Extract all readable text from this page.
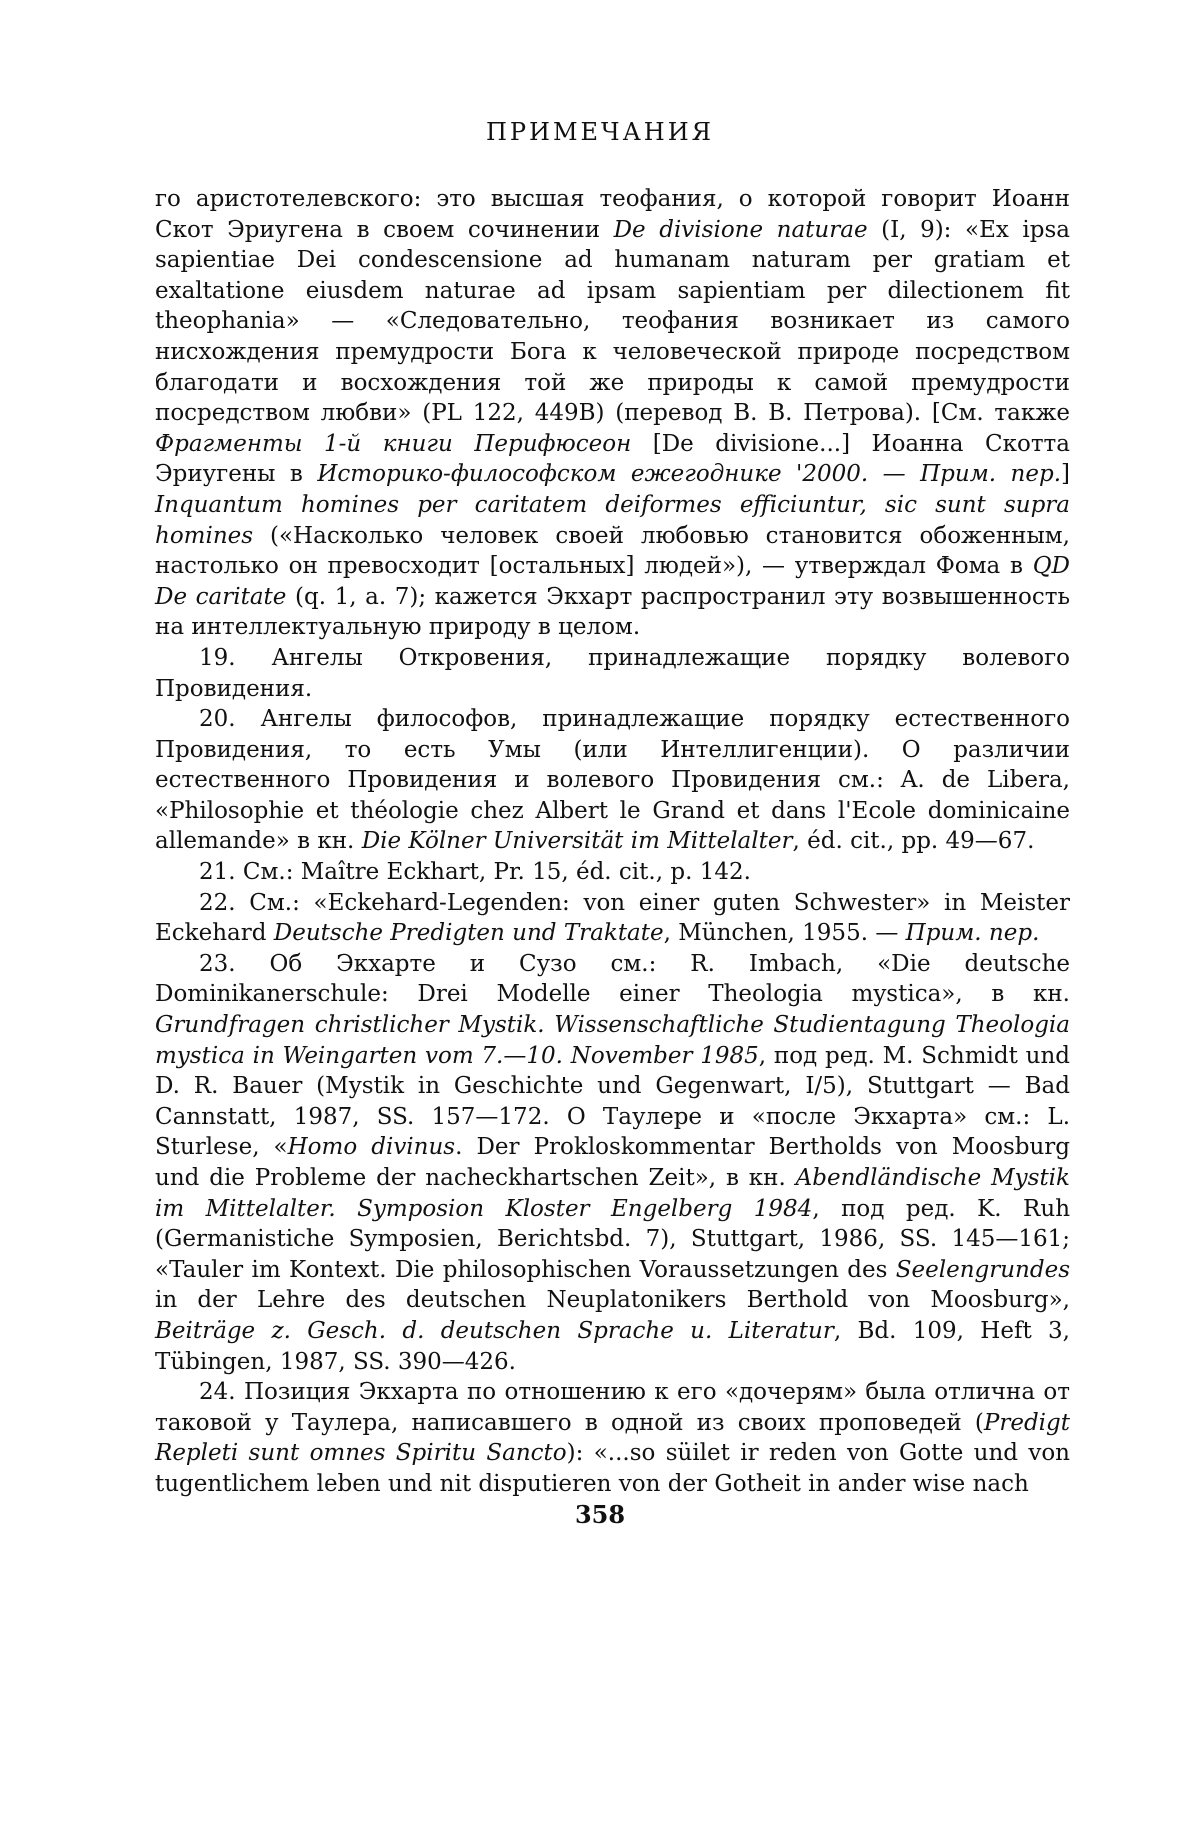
ПРИМЕЧАНИЯ

го аристотелевского: это высшая теофания, о которой говорит Иоанн Скот Эриугена в своем сочинении De divisione naturae (I, 9): «Ex ipsa sapientiae Dei condescensione ad humanam naturam per gratiam et exaltatione eiusdem naturae ad ipsam sapientiam per dilectionem fit theophania» — «Следовательно, теофания возникает из самого нисхождения премудрости Бога к человеческой природе посредством благодати и восхождения той же природы к самой премудрости посредством любви» (PL 122, 449B) (перевод В. В. Петрова). [См. также Фрагменты 1-й книги Перифюсеон [De divisione...] Иоанна Скотта Эриугены в Историко-философском ежегоднике '2000. — Прим. пер.] Inquantum homines per caritatem deiformes efficiuntur, sic sunt supra homines («Насколько человек своей любовью становится обоженным, настолько он превосходит [остальных] людей»), — утверждал Фома в QD De caritate (q. 1, a. 7); кажется Экхарт распространил эту возвышенность на интеллектуальную природу в целом.

19. Ангелы Откровения, принадлежащие порядку волевого Провидения.

20. Ангелы философов, принадлежащие порядку естественного Провидения, то есть Умы (или Интеллигенции). О различии естественного Провидения и волевого Провидения см.: A. de Libera, «Philosophie et théologie chez Albert le Grand et dans l'Ecole dominicaine allemande» в кн. Die Kölner Universität im Mittelalter, éd. cit., pp. 49—67.

21. См.: Maître Eckhart, Pr. 15, éd. cit., p. 142.

22. См.: «Eckehard-Legenden: von einer guten Schwester» in Meister Eckehard Deutsche Predigten und Traktate, München, 1955. — Прим. пер.

23. Об Экхарте и Сузо см.: R. Imbach, «Die deutsche Dominikanerschule: Drei Modelle einer Theologia mystica», в кн. Grundfragen christlicher Mystik. Wissenschaftliche Studientagung Theologia mystica in Weingarten vom 7.—10. November 1985, под ред. M. Schmidt und D. R. Bauer (Mystik in Geschichte und Gegenwart, I/5), Stuttgart — Bad Cannstatt, 1987, SS. 157—172. О Таулере и «после Экхарта» см.: L. Sturlese, «Homo divinus. Der Prokloskommentar Bertholds von Moosburg und die Probleme der nacheckhartschen Zeit», в кн. Abendländische Mystik im Mittelalter. Symposion Kloster Engelberg 1984, под ред. K. Ruh (Germanistiche Symposien, Berichtsbd. 7), Stuttgart, 1986, SS. 145—161; «Tauler im Kontext. Die philosophischen Voraussetzungen des Seelengrundes in der Lehre des deutschen Neuplatonikers Berthold von Moosburg», Beiträge z. Gesch. d. deutschen Sprache u. Literatur, Bd. 109, Heft 3, Tübingen, 1987, SS. 390—426.

24. Позиция Экхарта по отношению к его «дочерям» была отлична от таковой у Таулера, написавшего в одной из своих проповедей (Predigt Repleti sunt omnes Spiritu Sancto): «...so süilet ir reden von Gotte und von tugentlichem leben und nit disputieren von der Gotheit in ander wise nach

358
